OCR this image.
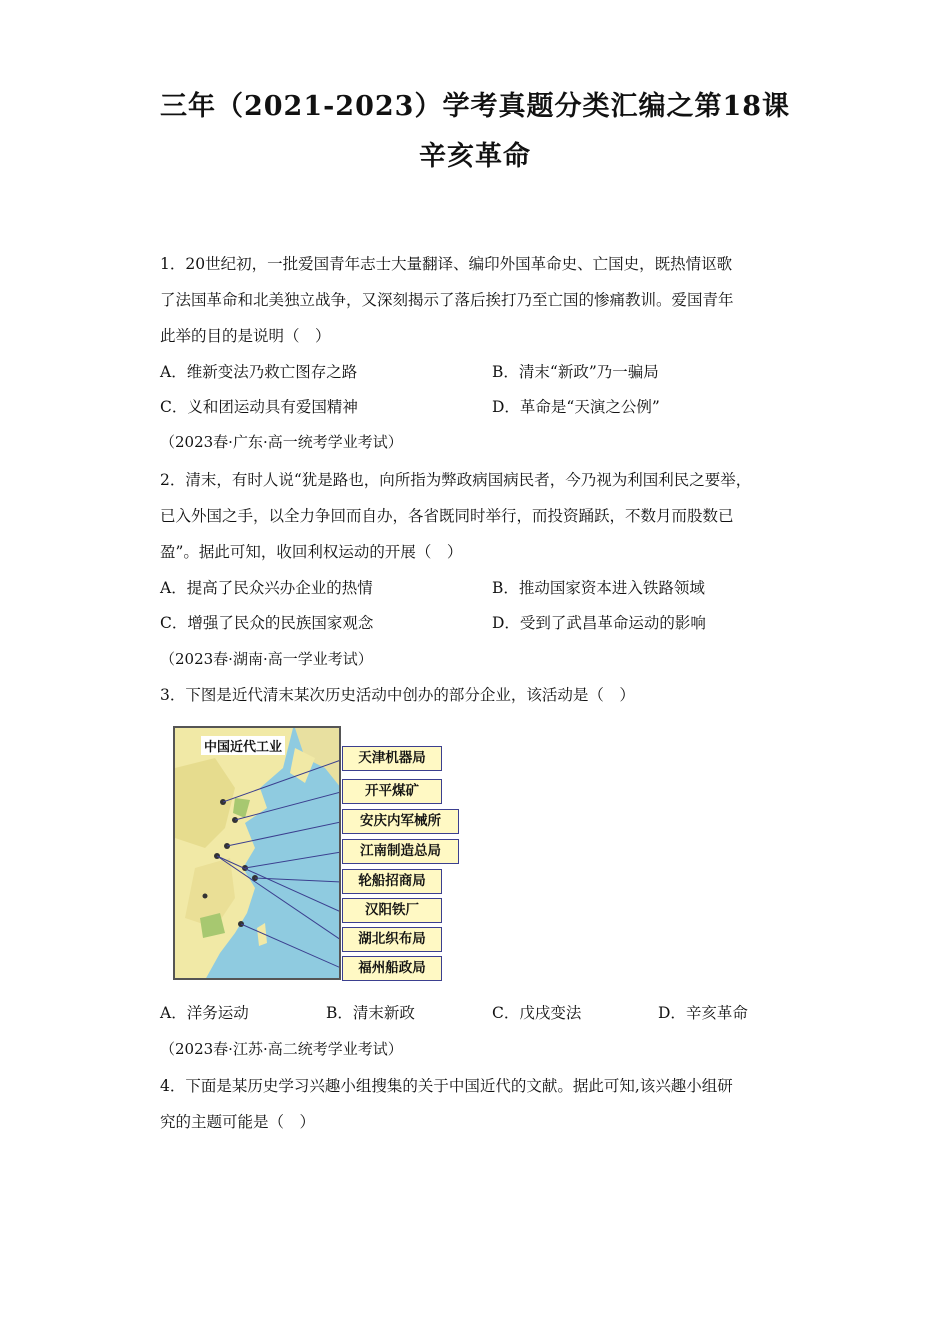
三年（2021-2023）学考真题分类汇编之第18课
辛亥革命
1．20世纪初，一批爱国青年志士大量翻译、编印外国革命史、亡国史，既热情讴歌
了法国革命和北美独立战争，又深刻揭示了落后挨打乃至亡国的惨痛教训。爱国青年
此举的目的是说明（　）
A．维新变法乃救亡图存之路	B．清末“新政”乃一骗局
C．义和团运动具有爱国精神	D．革命是“天演之公例”
（2023春·广东·高一统考学业考试）
2．清末，有时人说“犹是路也，向所指为弊政病国病民者，今乃视为利国利民之要举，
已入外国之手，以全力争回而自办，各省既同时举行，而投资踊跃，不数月而股数已
盈”。据此可知，收回利权运动的开展（　）
A．提高了民众兴办企业的热情	B．推动国家资本进入铁路领域
C．增强了民众的民族国家观念	D．受到了武昌革命运动的影响
（2023春·湖南·高一学业考试）
3．下图是近代清末某次历史活动中创办的部分企业，该活动是（　）
中国近代工业
天津机器局
开平煤矿
安庆内军械所
江南制造总局
轮船招商局
汉阳铁厂
湖北织布局
福州船政局
A．洋务运动	B．清末新政	C．戊戌变法	D．辛亥革命
（2023春·江苏·高二统考学业考试）
4．下面是某历史学习兴趣小组搜集的关于中国近代的文献。据此可知,该兴趣小组研
究的主题可能是（　）
